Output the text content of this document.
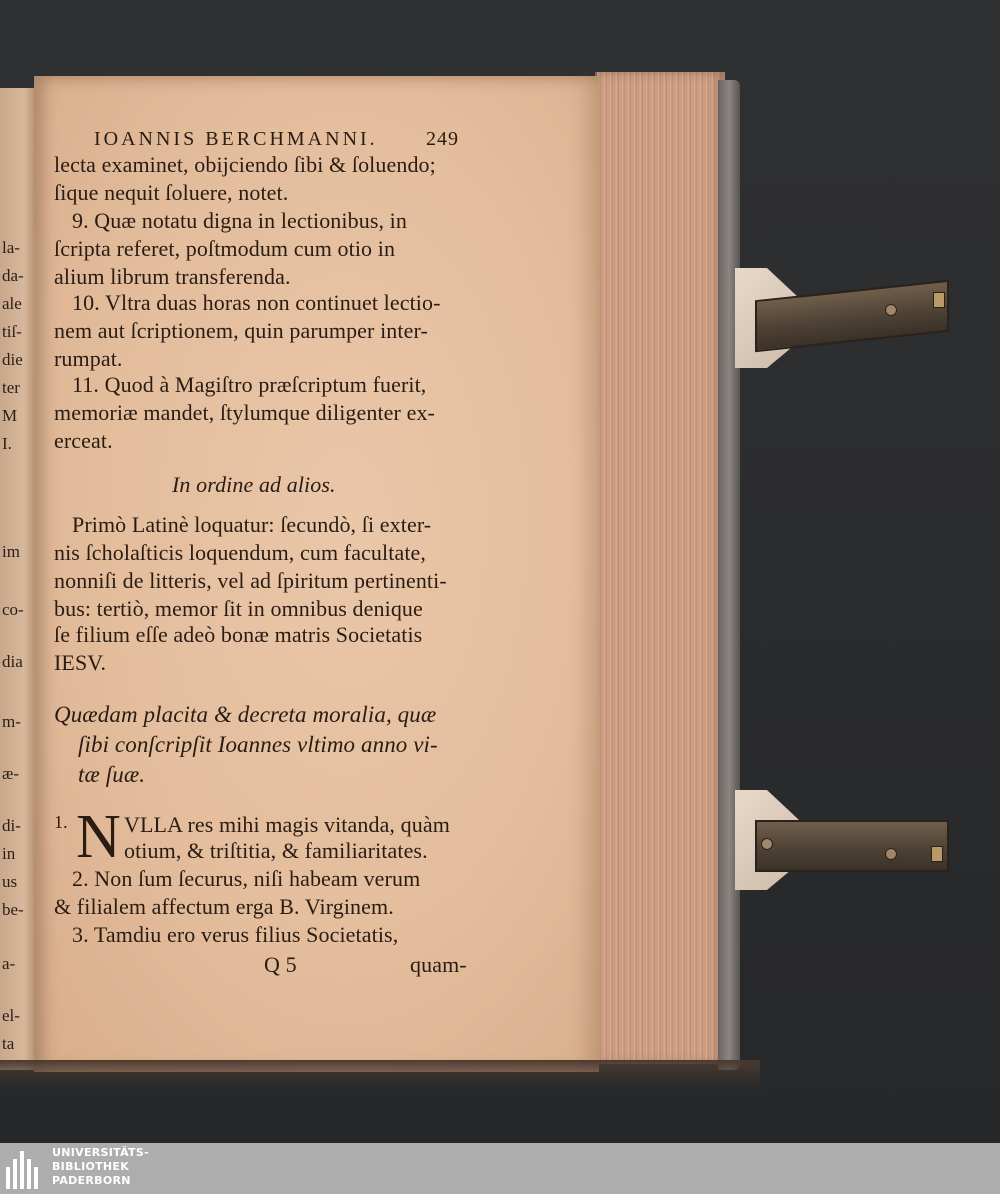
la-
da-
ale
tiſ-
die
ter
M
I.
im
co-
dia
m-
æ-
di-
in
us
be-
a-
el-
ta
IOANNIS BERCHMANNI. 249
lecta examinet, obijciendo ſibi & ſoluendo;
ſique nequit ſoluere, notet.
9. Quæ notatu digna in lectionibus, in
ſcripta referet, poſtmodum cum otio in
alium librum transferenda.
10. Vltra duas horas non continuet lectio-
nem aut ſcriptionem, quin parumper inter-
rumpat.
11. Quod à Magiſtro præſcriptum fuerit,
memoriæ mandet, ſtylumque diligenter ex-
erceat.
In ordine ad alios.
Primò Latinè loquatur: ſecundò, ſi exter-
nis ſcholaſticis loquendum, cum facultate,
nonniſi de litteris, vel ad ſpiritum pertinenti-
bus: tertiò, memor ſit in omnibus denique
ſe filium eſſe adeò bonæ matris Societatis
IESV.
Quædam placita & decreta moralia, quæ
ſibi conſcripſit Ioannes vltimo anno vi-
tæ ſuæ.
1.	VLLA res mihi magis vitanda, quàm
otium, & triſtitia, & familiaritates.
2. Non ſum ſecurus, niſi habeam verum
& filialem affectum erga B. Virginem.
3. Tamdiu ero verus filius Societatis,
Q 5	quam-
N
UNIVERSITÄTS-
BIBLIOTHEK
PADERBORN
